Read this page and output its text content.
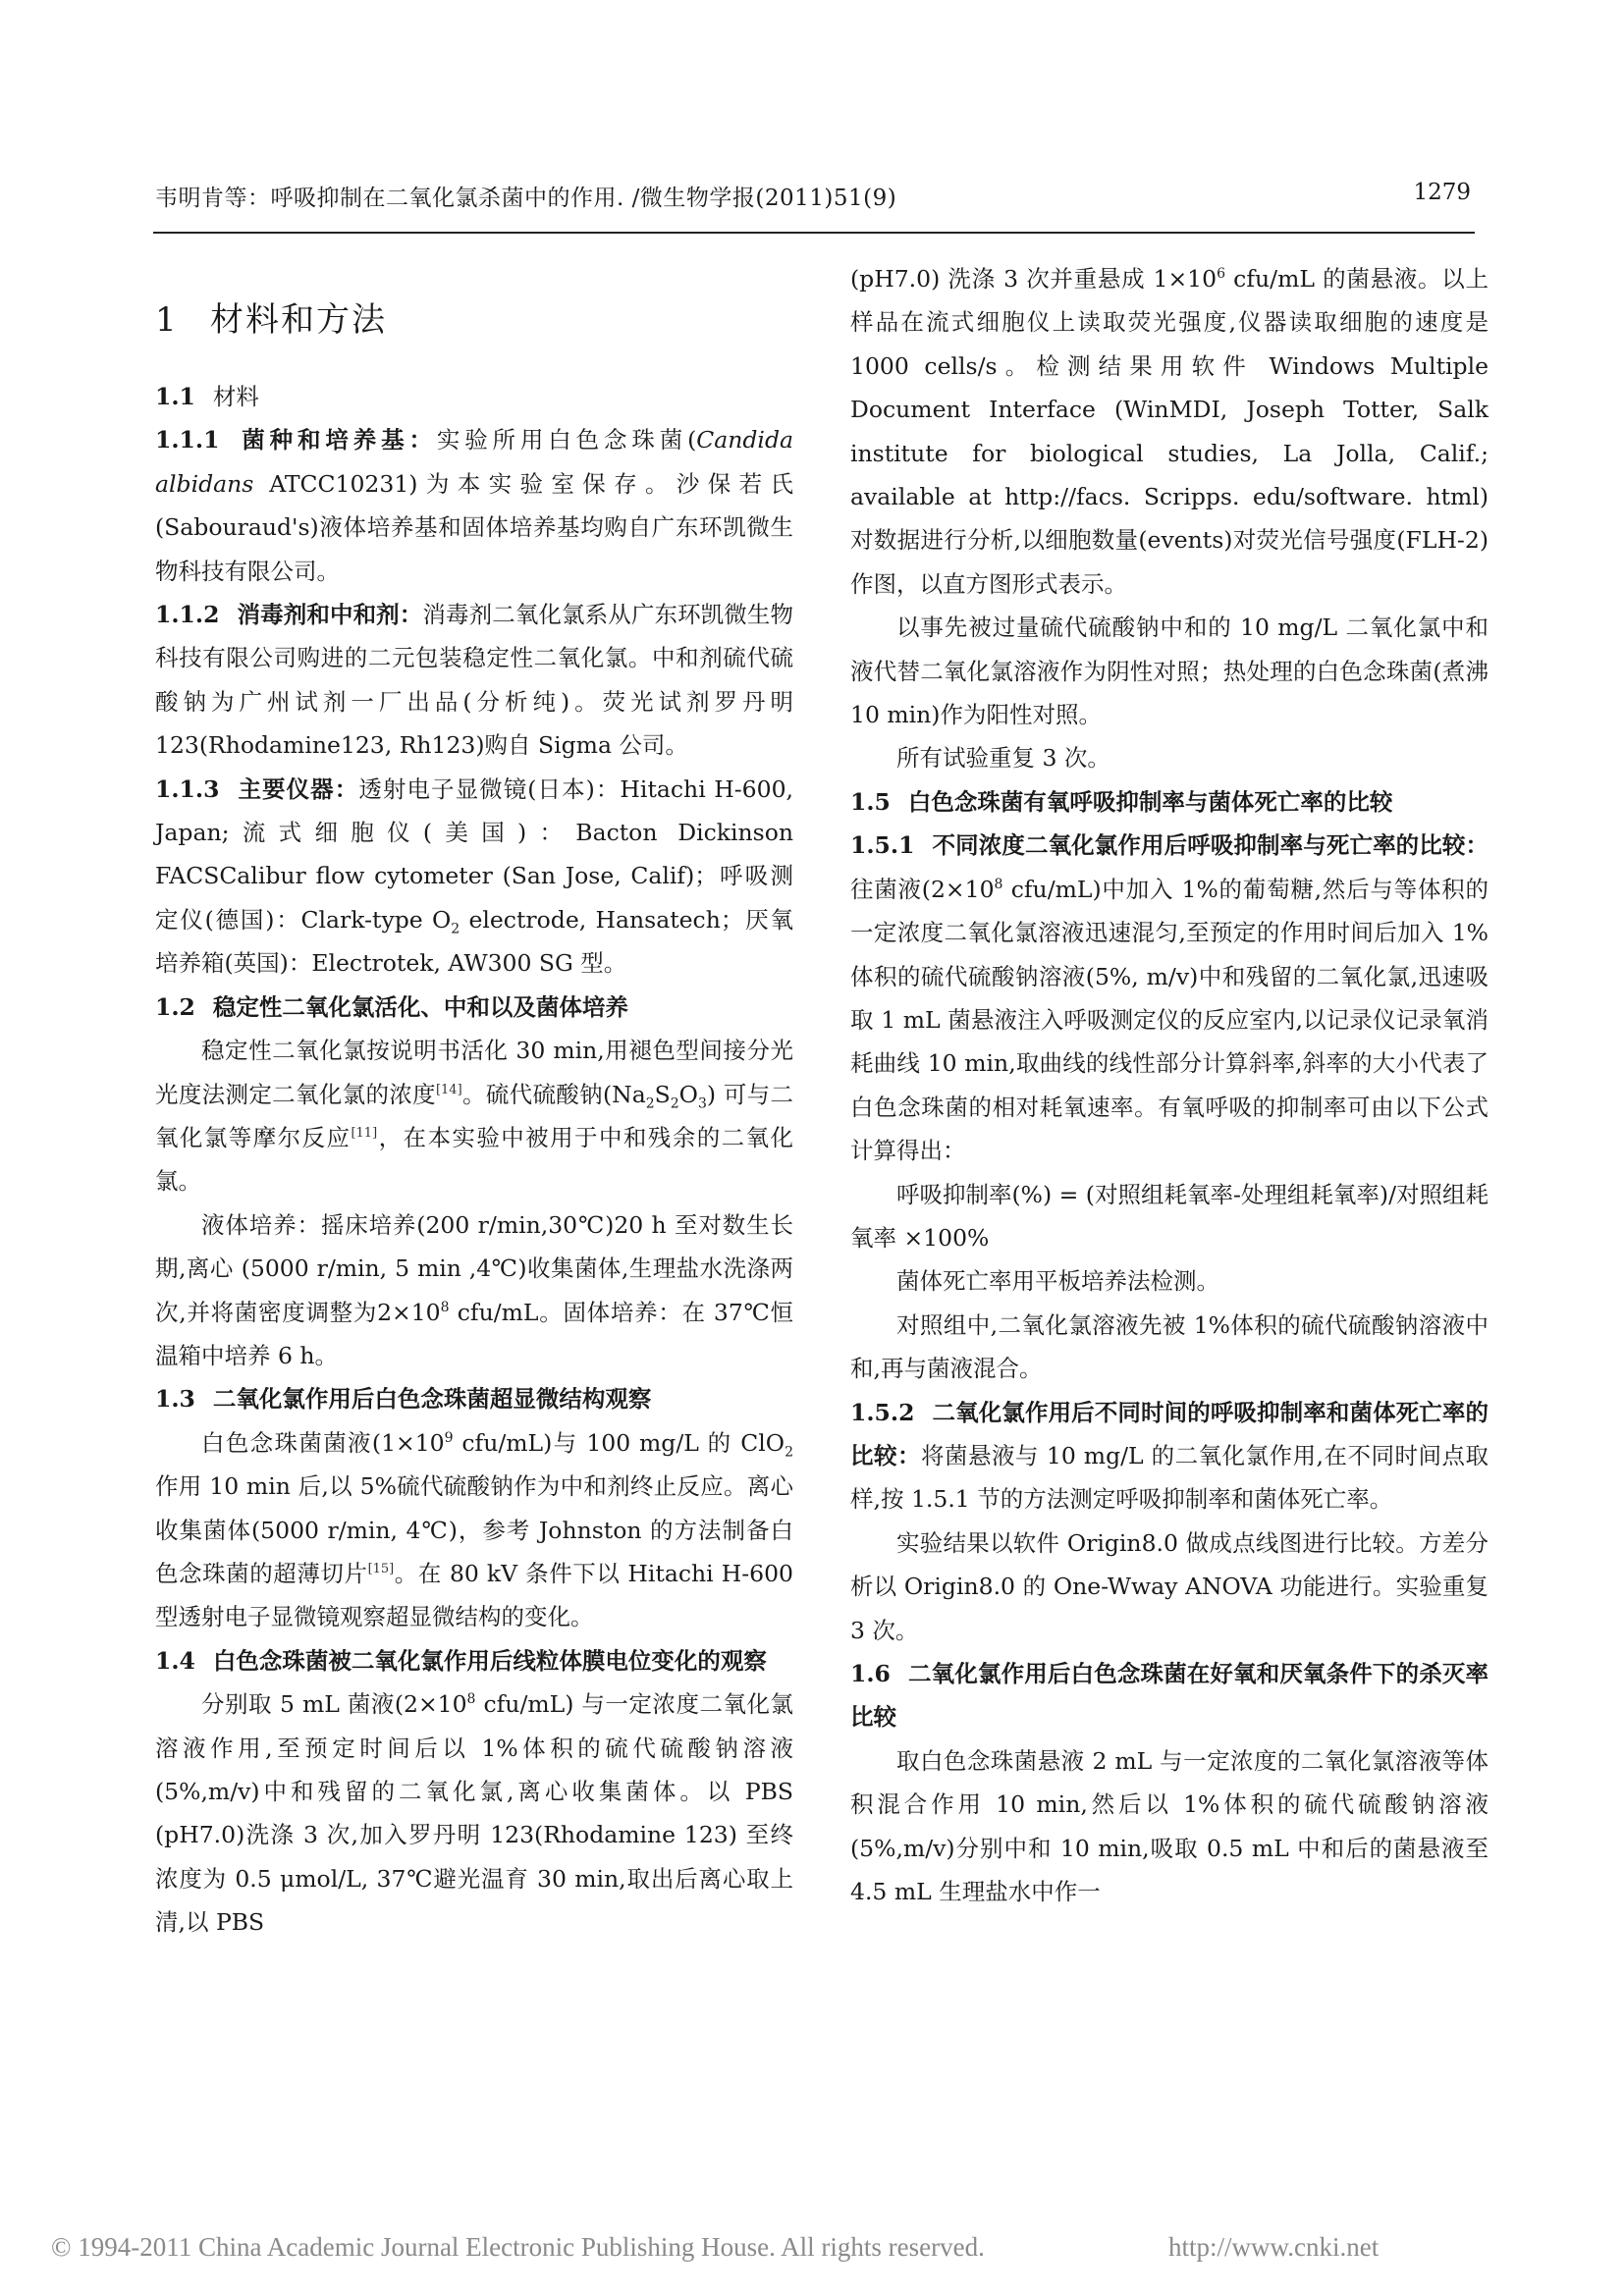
韦明肯等：呼吸抑制在二氧化氯杀菌中的作用. /微生物学报(2011)51(9)	1279
1 材料和方法

1.1 材料

1.1.1 菌种和培养基：实验所用白色念珠菌(Candida albidans ATCC10231)为本实验室保存。沙保若氏(Sabouraud's)液体培养基和固体培养基均购自广东环凯微生物科技有限公司。

1.1.2 消毒剂和中和剂：消毒剂二氧化氯系从广东环凯微生物科技有限公司购进的二元包装稳定性二氧化氯。中和剂硫代硫酸钠为广州试剂一厂出品(分析纯)。荧光试剂罗丹明 123(Rhodamine123, Rh123)购自 Sigma 公司。

1.1.3 主要仪器：透射电子显微镜(日本)：Hitachi H-600, Japan;流式细胞仪(美国)：Bacton Dickinson FACSCalibur flow cytometer (San Jose, Calif)；呼吸测定仪(德国)：Clark-type $O_2$ electrode, Hansatech；厌氧培养箱(英国)：Electrotek, AW300 SG 型。

1.2 稳定性二氧化氯活化、中和以及菌体培养

稳定性二氧化氯按说明书活化 30 min,用褪色型间接分光光度法测定二氧化氯的浓度[14]。硫代硫酸钠$(Na_2S_2O_3)$ 可与二氧化氯等摩尔反应[11]，在本实验中被用于中和残余的二氧化氯。

液体培养：摇床培养(200 r/min,30℃)20 h 至对数生长期,离心 (5000 r/min, 5 min ,4℃)收集菌体,生理盐水洗涤两次,并将菌密度调整为$2\times 10^8$ cfu/mL。固体培养：在 37℃恒温箱中培养 6 h。

1.3 二氧化氯作用后白色念珠菌超显微结构观察

白色念珠菌菌液($1\times 10^9$ cfu/mL)与 100 mg/L 的 ClO$_2$作用 10 min 后,以 5%硫代硫酸钠作为中和剂终止反应。离心收集菌体(5000 r/min, 4℃)，参考 Johnston 的方法制备白色念珠菌的超薄切片[15]。在 80 kV 条件下以 Hitachi H-600 型透射电子显微镜观察超显微结构的变化。

1.4 白色念珠菌被二氧化氯作用后线粒体膜电位变化的观察

分别取 5 mL 菌液($2\times 10^8$ cfu/mL) 与一定浓度二氧化氯溶液作用,至预定时间后以 1%体积的硫代硫酸钠溶液(5%,m/v)中和残留的二氧化氯,离心收集菌体。以 PBS (pH7.0)洗涤 3 次,加入罗丹明 123(Rhodamine 123) 至终浓度为 0.5 μmol/L, 37℃避光温育 30 min,取出后离心取上清,以 PBS

(pH7.0) 洗涤 3 次并重悬成 $1\times 10^6$ cfu/mL 的菌悬液。以上样品在流式细胞仪上读取荧光强度,仪器读取细胞的速度是 1000 cells/s。检测结果用软件 Windows Multiple Document Interface (WinMDI, Joseph Totter, Salk institute for biological studies, La Jolla, Calif.; available at http://facs. Scripps. edu/software. html) 对数据进行分析,以细胞数量(events)对荧光信号强度(FLH-2)作图，以直方图形式表示。

以事先被过量硫代硫酸钠中和的 10 mg/L 二氧化氯中和液代替二氧化氯溶液作为阴性对照；热处理的白色念珠菌(煮沸 10 min)作为阳性对照。

所有试验重复 3 次。

1.5 白色念珠菌有氧呼吸抑制率与菌体死亡率的比较

1.5.1 不同浓度二氧化氯作用后呼吸抑制率与死亡率的比较：往菌液($2\times 10^8$ cfu/mL)中加入 1%的葡萄糖,然后与等体积的一定浓度二氧化氯溶液迅速混匀,至预定的作用时间后加入 1%体积的硫代硫酸钠溶液(5%, m/v)中和残留的二氧化氯,迅速吸取 1 mL 菌悬液注入呼吸测定仪的反应室内,以记录仪记录氧消耗曲线 10 min,取曲线的线性部分计算斜率,斜率的大小代表了白色念珠菌的相对耗氧速率。有氧呼吸的抑制率可由以下公式计算得出：

呼吸抑制率(%) = (对照组耗氧率-处理组耗氧率)/对照组耗氧率 ×100%

菌体死亡率用平板培养法检测。

对照组中,二氧化氯溶液先被 1%体积的硫代硫酸钠溶液中和,再与菌液混合。

1.5.2 二氧化氯作用后不同时间的呼吸抑制率和菌体死亡率的比较：将菌悬液与 10 mg/L 的二氧化氯作用,在不同时间点取样,按 1.5.1 节的方法测定呼吸抑制率和菌体死亡率。

实验结果以软件 Origin8.0 做成点线图进行比较。方差分析以 Origin8.0 的 One-Wway ANOVA 功能进行。实验重复 3 次。

1.6 二氧化氯作用后白色念珠菌在好氧和厌氧条件下的杀灭率比较

取白色念珠菌悬液 2 mL 与一定浓度的二氧化氯溶液等体积混合作用 10 min,然后以 1%体积的硫代硫酸钠溶液(5%,m/v)分别中和 10 min,吸取 0.5 mL 中和后的菌悬液至 4.5 mL 生理盐水中作一

© 1994-2011 China Academic Journal Electronic Publishing House. All rights reserved.	http://www.cnki.net
